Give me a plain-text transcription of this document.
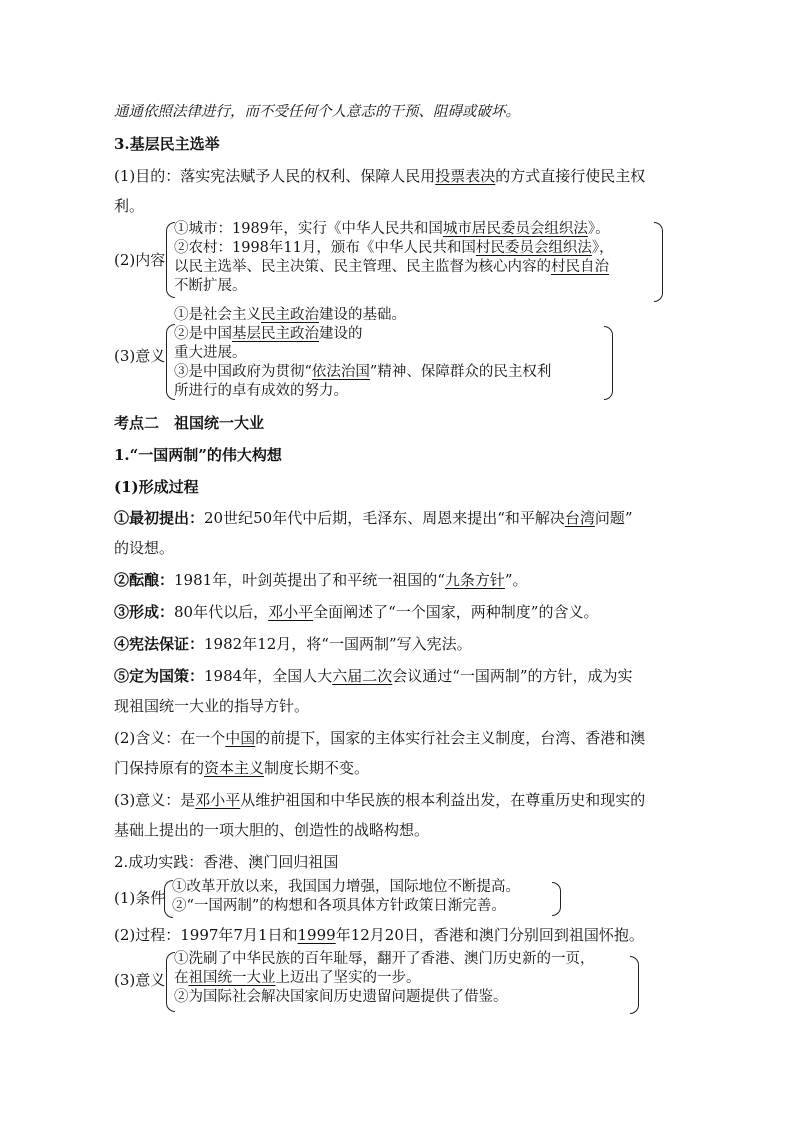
通通依照法律进行，而不受任何个人意志的干预、阻碍或破坏。
3.基层民主选举
(1)目的：落实宪法赋予人民的权利、保障人民用投票表决的方式直接行使民主权
利。
(2)内容
①城市：1989年，实行《中华人民共和国城市居民委员会组织法》。
②农村：1998年11月，颁布《中华人民共和国村民委员会组织法》，
以民主选举、民主决策、民主管理、民主监督为核心内容的村民自治
不断扩展。
(3)意义
①是社会主义民主政治建设的基础。
②是中国基层民主政治建设的
重大进展。
③是中国政府为贯彻“依法治国”精神、保障群众的民主权利
所进行的卓有成效的努力。
考点二　祖国统一大业
1.“一国两制”的伟大构想
(1)形成过程
①最初提出：20世纪50年代中后期，毛泽东、周恩来提出“和平解决台湾问题”
的设想。
②酝酿：1981年，叶剑英提出了和平统一祖国的“九条方针”。
③形成：80年代以后，邓小平全面阐述了“一个国家，两种制度”的含义。
④宪法保证：1982年12月，将“一国两制”写入宪法。
⑤定为国策：1984年，全国人大六届二次会议通过“一国两制”的方针，成为实
现祖国统一大业的指导方针。
(2)含义：在一个中国的前提下，国家的主体实行社会主义制度，台湾、香港和澳
门保持原有的资本主义制度长期不变。
(3)意义：是邓小平从维护祖国和中华民族的根本利益出发，在尊重历史和现实的
基础上提出的一项大胆的、创造性的战略构想。
2.成功实践：香港、澳门回归祖国
(1)条件
①改革开放以来，我国国力增强，国际地位不断提高。
②“一国两制”的构想和各项具体方针政策日渐完善。
(2)过程：1997年7月1日和1999年12月20日，香港和澳门分别回到祖国怀抱。
(3)意义
①洗刷了中华民族的百年耻辱，翻开了香港、澳门历史新的一页，
在祖国统一大业上迈出了坚实的一步。
②为国际社会解决国家间历史遗留问题提供了借鉴。
